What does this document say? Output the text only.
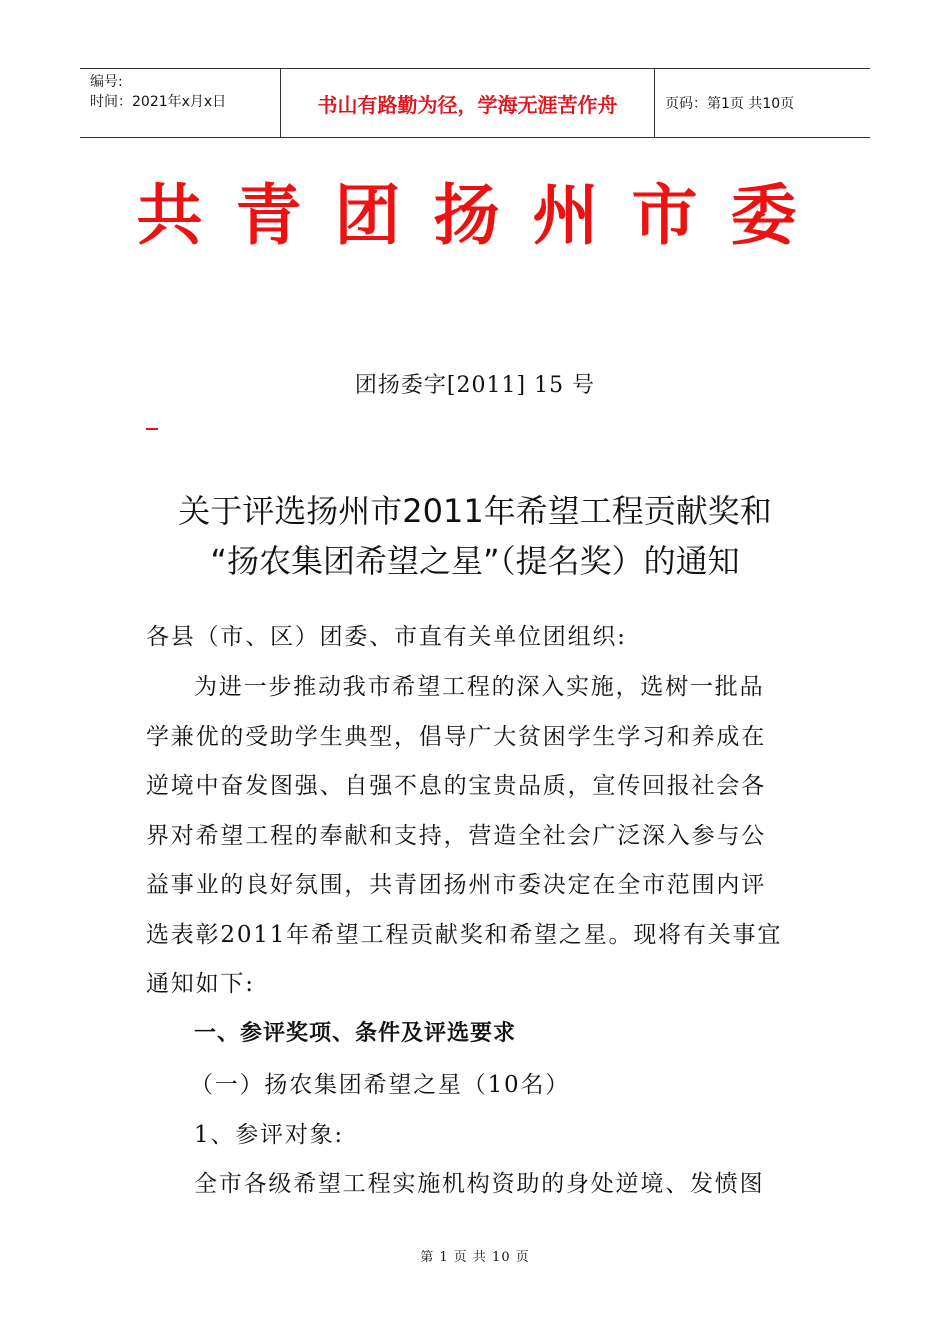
编号:
时间：2021年x月x日	书山有路勤为径，学海无涯苦作舟	页码：第1页 共10页
共青团扬州市委
团扬委字[2011] 15 号
关于评选扬州市2011年希望工程贡献奖和
“扬农集团希望之星”（提名奖）的通知
各县（市、区）团委、市直有关单位团组织:
为进一步推动我市希望工程的深入实施，选树一批品
学兼优的受助学生典型，倡导广大贫困学生学习和养成在
逆境中奋发图强、自强不息的宝贵品质，宣传回报社会各
界对希望工程的奉献和支持，营造全社会广泛深入参与公
益事业的良好氛围，共青团扬州市委决定在全市范围内评
选表彰2011年希望工程贡献奖和希望之星。现将有关事宜
通知如下:
一、参评奖项、条件及评选要求
（一）扬农集团希望之星（10名）
1、参评对象:
全市各级希望工程实施机构资助的身处逆境、发愤图
第 1 页 共 10 页
